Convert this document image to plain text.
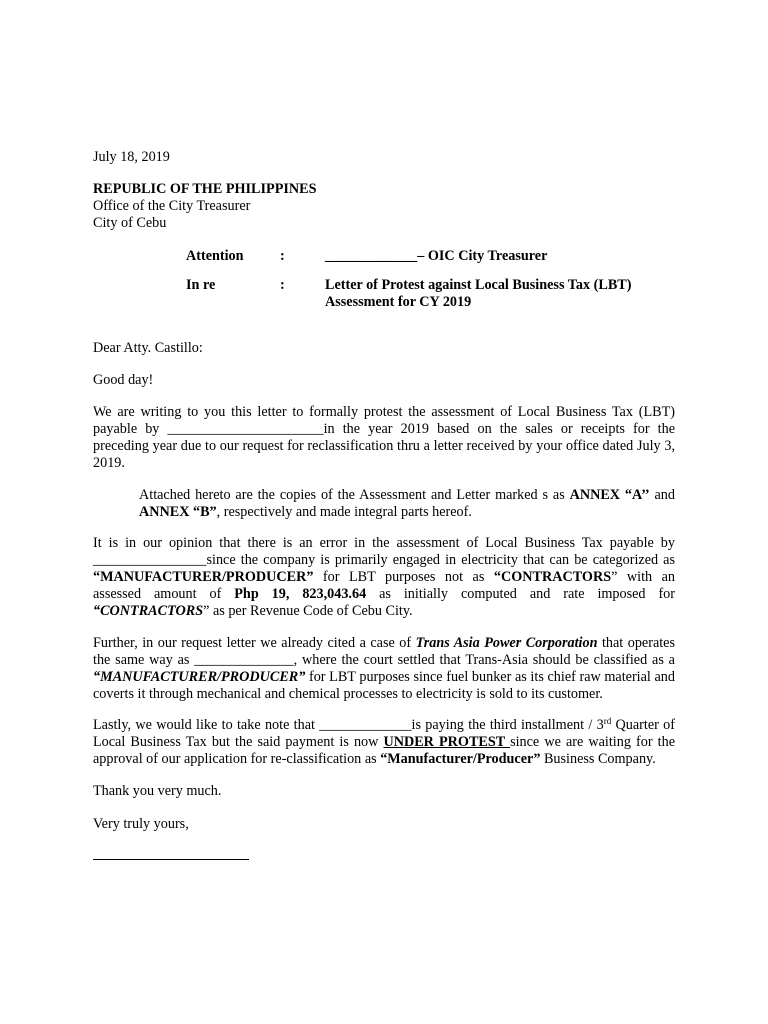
July 18, 2019
REPUBLIC OF THE PHILIPPINES
Office of the City Treasurer
City of Cebu
Attention	:	_____________– OIC City Treasurer
In re	:	Letter of Protest against Local Business Tax (LBT)
Assessment for CY 2019
Dear Atty. Castillo:
Good day!
We are writing to you this letter to formally protest the assessment of Local Business Tax (LBT) payable by ______________________in the year 2019 based on the sales or receipts for the preceding year due to our request for reclassification thru a letter received by your office dated July 3, 2019.
Attached hereto are the copies of the Assessment and Letter marked s as ANNEX “A’’ and ANNEX “B”, respectively and made integral parts hereof.
It is in our opinion that there is an error in the assessment of Local Business Tax payable by ________________since the company is primarily engaged in electricity that can be categorized as “MANUFACTURER/PRODUCER” for LBT purposes not as “CONTRACTORS” with an assessed amount of Php 19, 823,043.64 as initially computed and rate imposed for “CONTRACTORS” as per Revenue Code of Cebu City.
Further, in our request letter we already cited a case of Trans Asia Power Corporation that operates the same way as ______________, where the court settled that Trans-Asia should be classified as a “MANUFACTURER/PRODUCER” for LBT purposes since fuel bunker as its chief raw material and coverts it through mechanical and chemical processes to electricity is sold to its customer.
Lastly, we would like to take note that _____________is paying the third installment / 3rd Quarter of Local Business Tax but the said payment is now UNDER PROTEST since we are waiting for the approval of our application for re-classification as “Manufacturer/Producer” Business Company.
Thank you very much.
Very truly yours,
